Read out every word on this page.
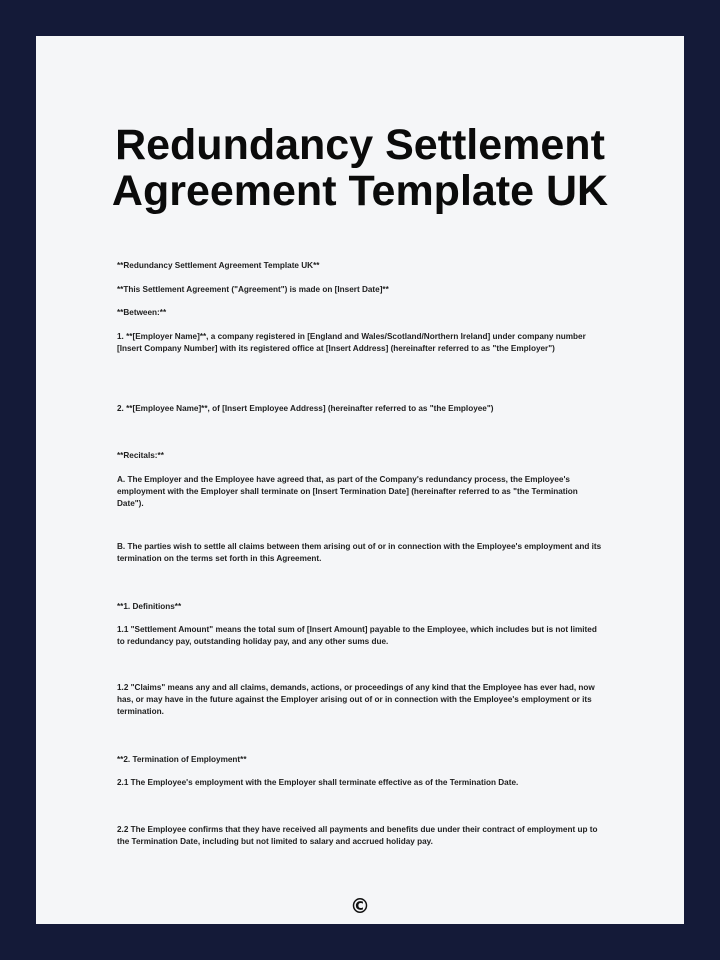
Redundancy Settlement
Agreement Template UK

**Redundancy Settlement Agreement Template UK**

**This Settlement Agreement ("Agreement") is made on [Insert Date]**

**Between:**

1. **[Employer Name]**, a company registered in [England and Wales/Scotland/Northern Ireland] under company number [Insert Company Number] with its registered office at [Insert Address] (hereinafter referred to as "the Employer")

2. **[Employee Name]**, of [Insert Employee Address] (hereinafter referred to as "the Employee")

**Recitals:**

A. The Employer and the Employee have agreed that, as part of the Company's redundancy process, the Employee's employment with the Employer shall terminate on [Insert Termination Date] (hereinafter referred to as "the Termination Date").

B. The parties wish to settle all claims between them arising out of or in connection with the Employee's employment and its termination on the terms set forth in this Agreement.

**1. Definitions**

1.1 "Settlement Amount" means the total sum of [Insert Amount] payable to the Employee, which includes but is not limited to redundancy pay, outstanding holiday pay, and any other sums due.

1.2 "Claims" means any and all claims, demands, actions, or proceedings of any kind that the Employee has ever had, now has, or may have in the future against the Employer arising out of or in connection with the Employee's employment or its termination.

**2. Termination of Employment**

2.1 The Employee's employment with the Employer shall terminate effective as of the Termination Date.

2.2 The Employee confirms that they have received all payments and benefits due under their contract of employment up to the Termination Date, including but not limited to salary and accrued holiday pay.

©
